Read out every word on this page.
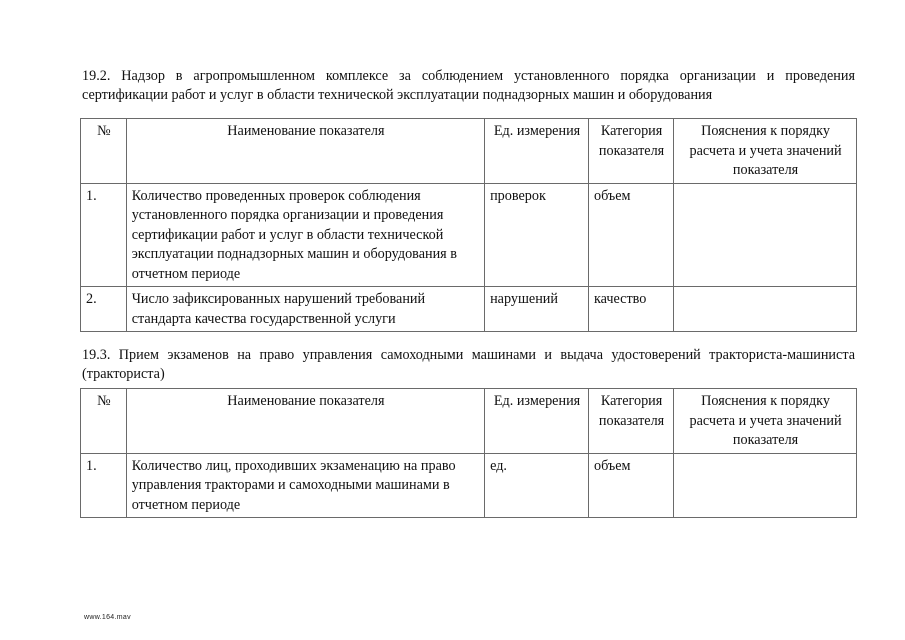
19.2. Надзор в агропромышленном комплексе за соблюдением установленного порядка организации и проведения сертификации работ и услуг в области технической эксплуатации поднадзорных машин и оборудования
№	Наименование показателя	Ед. измерения	Категория показателя	Пояснения к порядку расчета и учета значений показателя
1.	Количество проведенных проверок соблюдения установленного порядка организации и проведения сертификации работ и услуг в области технической эксплуатации поднадзорных машин и оборудования в отчетном периоде	проверок	объем	
2.	Число зафиксированных нарушений требований стандарта качества государственной услуги	нарушений	качество	
19.3. Прием экзаменов на право управления самоходными машинами и выдача удостоверений тракториста-машиниста (тракториста)
№	Наименование показателя	Ед. измерения	Категория показателя	Пояснения к порядку расчета и учета значений показателя
1.	Количество лиц, проходивших экзаменацию на право управления тракторами и самоходными машинами в отчетном периоде	ед.	объем	
www.164.mav
